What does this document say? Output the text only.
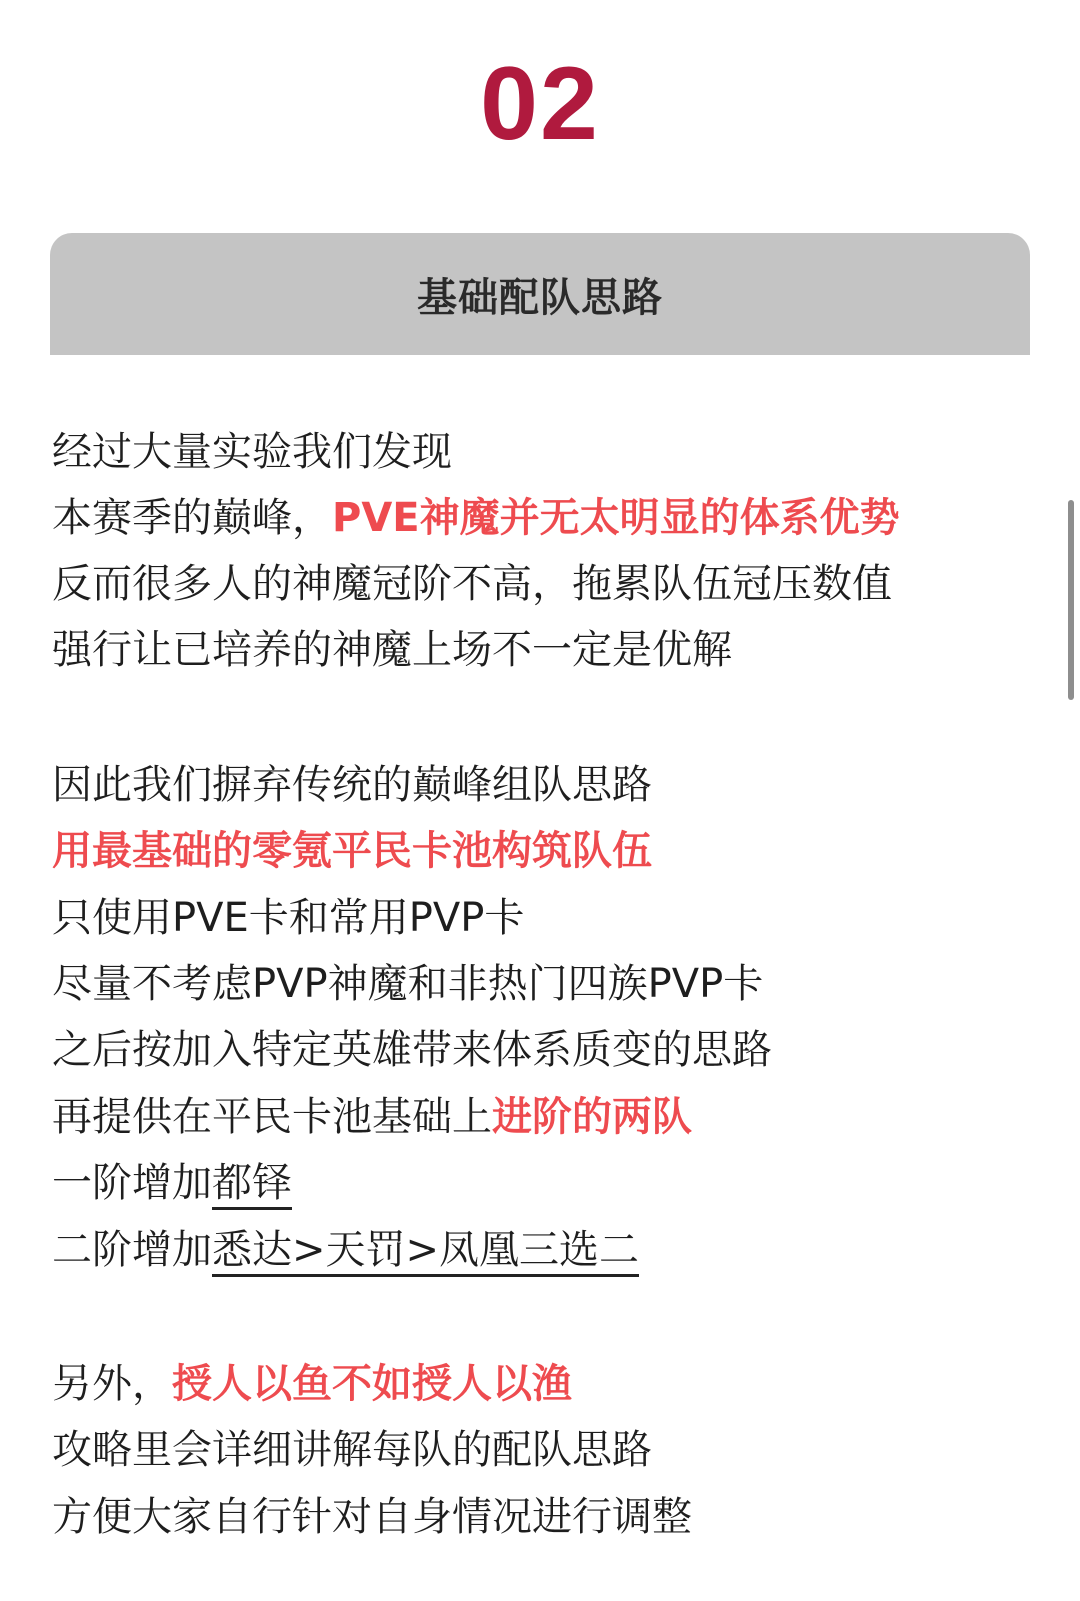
02
基础配队思路
经过大量实验我们发现
本赛季的巅峰，PVE神魔并无太明显的体系优势
反而很多人的神魔冠阶不高，拖累队伍冠压数值
强行让已培养的神魔上场不一定是优解
因此我们摒弃传统的巅峰组队思路
用最基础的零氪平民卡池构筑队伍
只使用PVE卡和常用PVP卡
尽量不考虑PVP神魔和非热门四族PVP卡
之后按加入特定英雄带来体系质变的思路
再提供在平民卡池基础上进阶的两队
一阶增加都铎
二阶增加悉达>天罚>凤凰三选二
另外，授人以鱼不如授人以渔
攻略里会详细讲解每队的配队思路
方便大家自行针对自身情况进行调整
